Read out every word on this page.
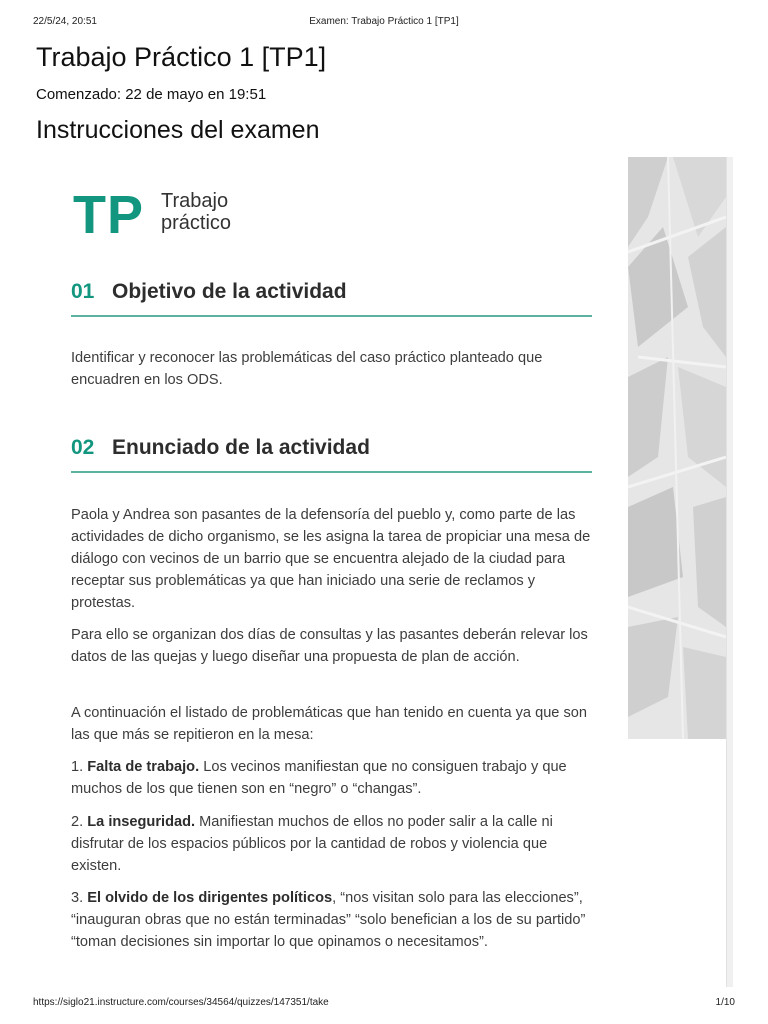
22/5/24, 20:51	Examen: Trabajo Práctico 1 [TP1]
Trabajo Práctico 1 [TP1]
Comenzado: 22 de mayo en 19:51
Instrucciones del examen
TP Trabajo
práctico
01 Objetivo de la actividad

Identificar y reconocer las problemáticas del caso práctico planteado que encuadren en los ODS.

02 Enunciado de la actividad

Paola y Andrea son pasantes de la defensoría del pueblo y, como parte de las actividades de dicho organismo, se les asigna la tarea de propiciar una mesa de diálogo con vecinos de un barrio que se encuentra alejado de la ciudad para receptar sus problemáticas ya que han iniciado una serie de reclamos y protestas.

Para ello se organizan dos días de consultas y las pasantes deberán relevar los datos de las quejas y luego diseñar una propuesta de plan de acción.

A continuación el listado de problemáticas que han tenido en cuenta ya que son las que más se repitieron en la mesa:

1. Falta de trabajo. Los vecinos manifiestan que no consiguen trabajo y que muchos de los que tienen son en “negro” o “changas”.

2. La inseguridad. Manifiestan muchos de ellos no poder salir a la calle ni disfrutar de los espacios públicos por la cantidad de robos y violencia que existen.

3. El olvido de los dirigentes políticos, “nos visitan solo para las elecciones”, “inauguran obras que no están terminadas” “solo benefician a los de su partido” “toman decisiones sin importar lo que opinamos o necesitamos”.

https://siglo21.instructure.com/courses/34564/quizzes/147351/take	1/10
